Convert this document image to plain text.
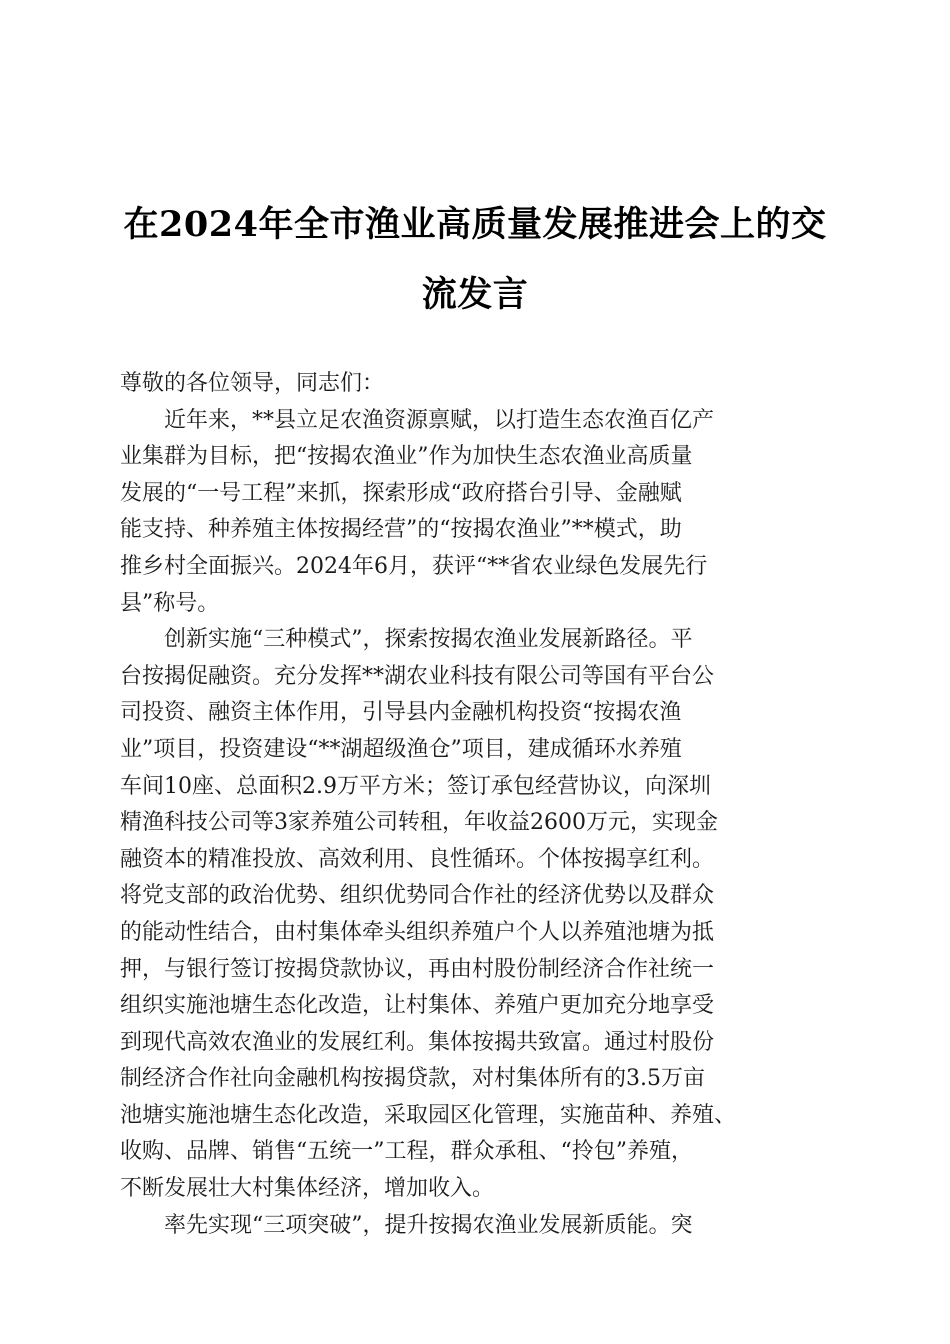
在2024年全市渔业高质量发展推进会上的交
流发言
尊敬的各位领导，同志们：
　　近年来，**县立足农渔资源禀赋，以打造生态农渔百亿产
业集群为目标，把“按揭农渔业”作为加快生态农渔业高质量
发展的“一号工程”来抓，探索形成“政府搭台引导、金融赋
能支持、种养殖主体按揭经营”的“按揭农渔业”**模式，助
推乡村全面振兴。2024年6月，获评“**省农业绿色发展先行
县”称号。
　　创新实施“三种模式”，探索按揭农渔业发展新路径。平
台按揭促融资。充分发挥**湖农业科技有限公司等国有平台公
司投资、融资主体作用，引导县内金融机构投资“按揭农渔
业”项目，投资建设“**湖超级渔仓”项目，建成循环水养殖
车间10座、总面积2.9万平方米；签订承包经营协议，向深圳
精渔科技公司等3家养殖公司转租，年收益2600万元，实现金
融资本的精准投放、高效利用、良性循环。个体按揭享红利。
将党支部的政治优势、组织优势同合作社的经济优势以及群众
的能动性结合，由村集体牵头组织养殖户个人以养殖池塘为抵
押，与银行签订按揭贷款协议，再由村股份制经济合作社统一
组织实施池塘生态化改造，让村集体、养殖户更加充分地享受
到现代高效农渔业的发展红利。集体按揭共致富。通过村股份
制经济合作社向金融机构按揭贷款，对村集体所有的3.5万亩
池塘实施池塘生态化改造，采取园区化管理，实施苗种、养殖、
收购、品牌、销售“五统一”工程，群众承租、“拎包”养殖，
不断发展壮大村集体经济，增加收入。
　　率先实现“三项突破”，提升按揭农渔业发展新质能。突
